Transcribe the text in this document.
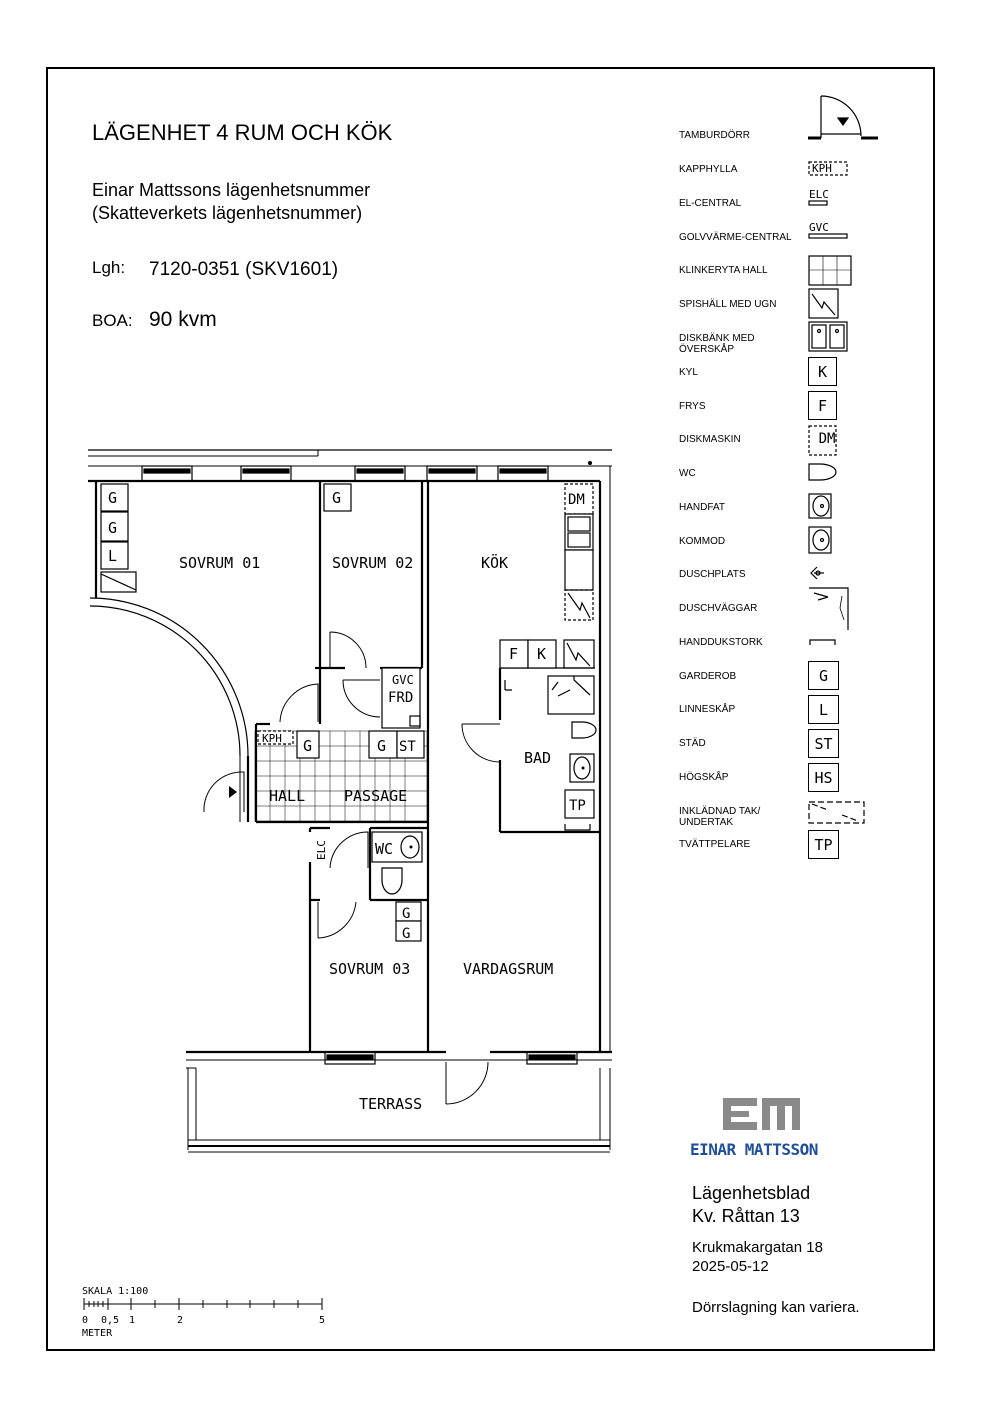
LÄGENHET 4 RUM OCH KÖK
Einar Mattssons lägenhetsnummer
(Skatteverkets lägenhetsnummer)
Lgh: 7120-0351 (SKV1601)
BOA: 90 kvm
TAMBURDÖRR
KAPPHYLLA
EL-CENTRAL
GOLVVÄRME-CENTRAL
KLINKERYTA HALL
SPISHÄLL MED UGN
DISKBÄNK MED
ÖVERSKÅP
KYL
FRYS
DISKMASKIN
WC
HANDFAT
KOMMOD
DUSCHPLATS
DUSCHVÄGGAR
HANDDUKSTORK
GARDEROB
LINNESKÅP
STÄD
HÖGSKÅP
INKLÄDNAD TAK/
UNDERTAK
TVÄTTPELARE
KPH
ELC
GVC
K
F
DM
G
L
ST
HS
TP
G
G
L
G	DM
F K
GVC
FRD
KPH G	G ST
TP
G
G
ELC
SOVRUM 01	SOVRUM 02	KÖK
BAD
HALL	PASSAGE
WC
SOVRUM 03	VARDAGSRUM
TERRASS
SKALA 1:100
0 0,5 1	2	5
METER
EINAR MATTSSON
Lägenhetsblad
Kv. Råttan 13
Krukmakargatan 18
2025-05-12
Dörrslagning kan variera.
